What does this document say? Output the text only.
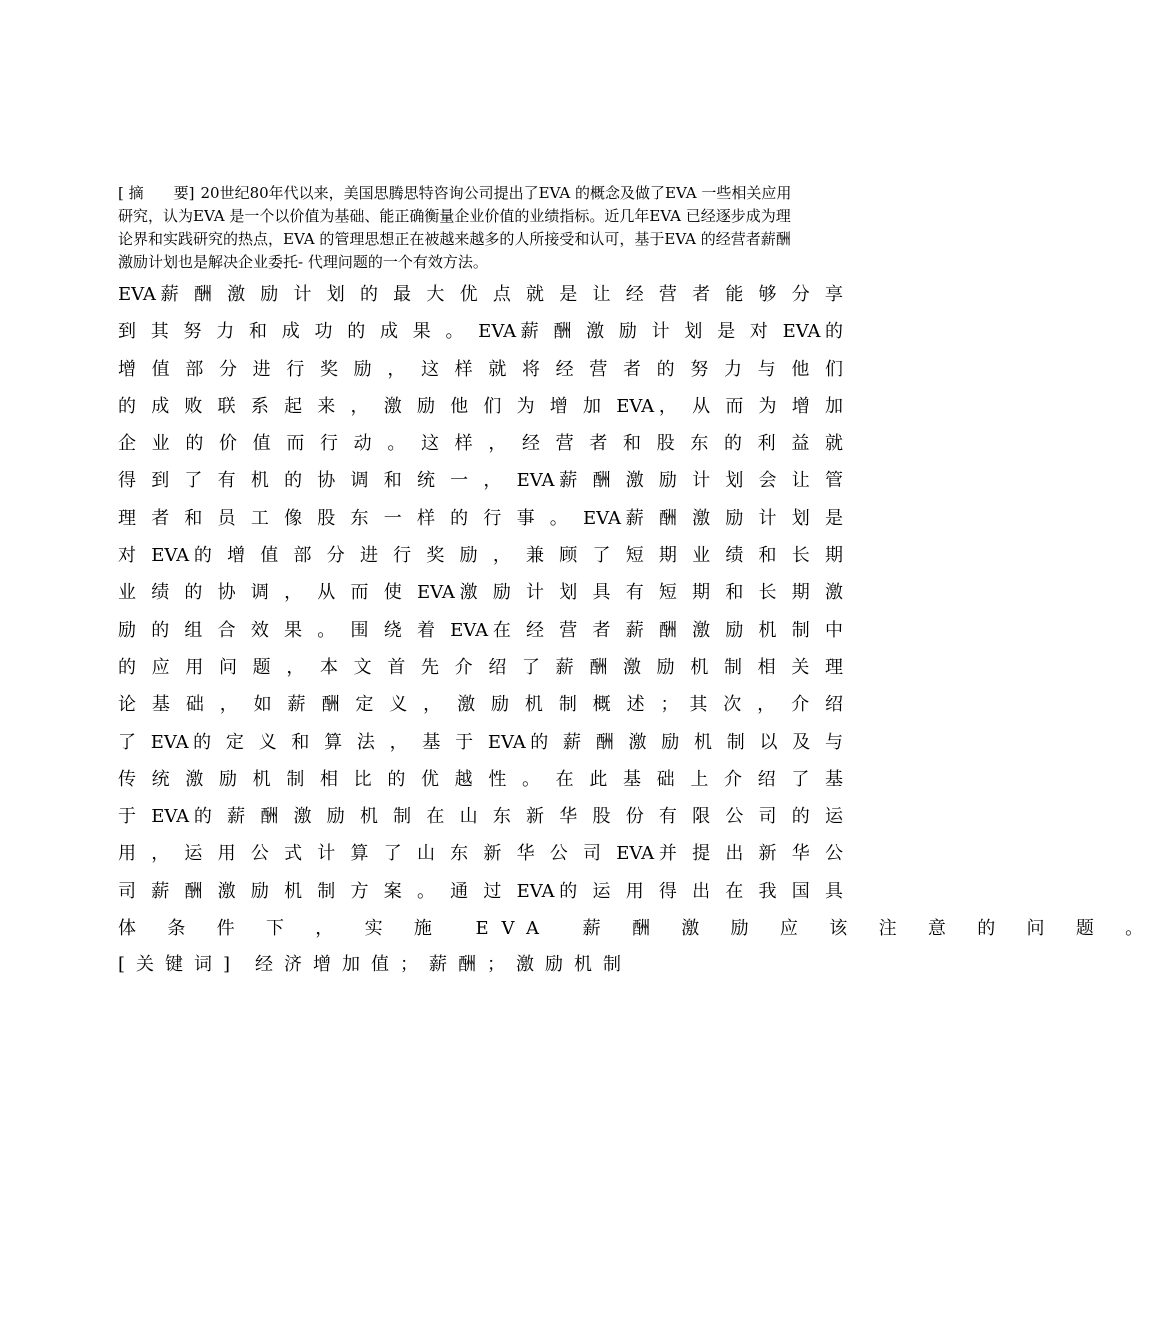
[ 摘　　要] 20世纪80年代以来，美国思腾思特咨询公司提出了EVA 的概念及做了EVA 一些相关应用
研究，认为EVA 是一个以价值为基础、能正确衡量企业价值的业绩指标。近几年EVA 已经逐步成为理
论界和实践研究的热点，EVA 的管理思想正在被越来越多的人所接受和认可，基于EVA 的经营者薪酬
激励计划也是解决企业委托- 代理问题的一个有效方法。
EVA薪 酬 激 励 计 划 的 最 大 优 点 就 是 让 经 营 者 能 够 分 享
到 其 努 力 和 成 功 的 成 果 。 EVA薪 酬 激 励 计 划 是 对 EVA的
增 值 部 分 进 行 奖 励 ， 这 样 就 将 经 营 者 的 努 力 与 他 们
的 成 败 联 系 起 来 ， 激 励 他 们 为 增 加 EVA， 从 而 为 增 加
企 业 的 价 值 而 行 动 。 这 样 ， 经 营 者 和 股 东 的 利 益 就
得 到 了 有 机 的 协 调 和 统 一 ， EVA薪 酬 激 励 计 划 会 让 管
理 者 和 员 工 像 股 东 一 样 的 行 事 。 EVA薪 酬 激 励 计 划 是
对 EVA的 增 值 部 分 进 行 奖 励 ， 兼 顾 了 短 期 业 绩 和 长 期
业 绩 的 协 调 ， 从 而 使 EVA激 励 计 划 具 有 短 期 和 长 期 激
励 的 组 合 效 果 。 围 绕 着 EVA在 经 营 者 薪 酬 激 励 机 制 中
的 应 用 问 题 ， 本 文 首 先 介 绍 了 薪 酬 激 励 机 制 相 关 理
论 基 础 ， 如 薪 酬 定 义 ， 激 励 机 制 概 述 ； 其 次 ， 介 绍
了 EVA的 定 义 和 算 法 ， 基 于 EVA的 薪 酬 激 励 机 制 以 及 与
传 统 激 励 机 制 相 比 的 优 越 性 。 在 此 基 础 上 介 绍 了 基
于 EVA的 薪 酬 激 励 机 制 在 山 东 新 华 股 份 有 限 公 司 的 运
用 ， 运 用 公 式 计 算 了 山 东 新 华 公 司 EVA并 提 出 新 华 公
司 薪 酬 激 励 机 制 方 案 。 通 过 EVA的 运 用 得 出 在 我 国 具
体 条 件 下 ， 实 施　EVA　薪 酬 激 励 应 该 注 意 的 问 题 。
[关键词] 经济增加值；薪酬；激励机制
